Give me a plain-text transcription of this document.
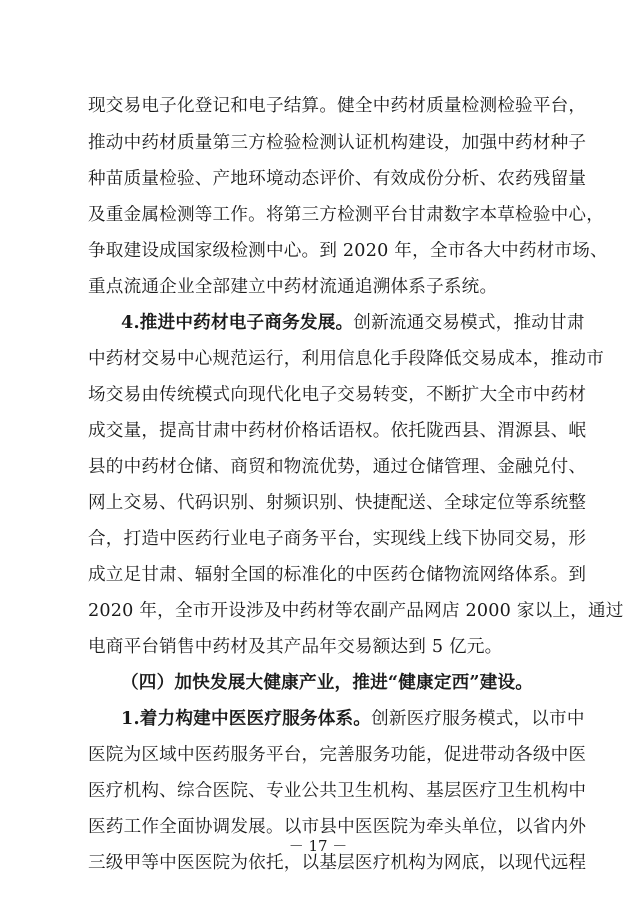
现交易电子化登记和电子结算。健全中药材质量检测检验平台，
推动中药材质量第三方检验检测认证机构建设，加强中药材种子
种苗质量检验、产地环境动态评价、有效成份分析、农药残留量
及重金属检测等工作。将第三方检测平台甘肃数字本草检验中心，
争取建设成国家级检测中心。到 2020 年，全市各大中药材市场、
重点流通企业全部建立中药材流通追溯体系子系统。
4.推进中药材电子商务发展。创新流通交易模式，推动甘肃
中药材交易中心规范运行，利用信息化手段降低交易成本，推动市
场交易由传统模式向现代化电子交易转变，不断扩大全市中药材
成交量，提高甘肃中药材价格话语权。依托陇西县、渭源县、岷
县的中药材仓储、商贸和物流优势，通过仓储管理、金融兑付、
网上交易、代码识别、射频识别、快捷配送、全球定位等系统整
合，打造中医药行业电子商务平台，实现线上线下协同交易，形
成立足甘肃、辐射全国的标准化的中医药仓储物流网络体系。到
2020 年，全市开设涉及中药材等农副产品网店 2000 家以上，通过
电商平台销售中药材及其产品年交易额达到 5 亿元。
（四）加快发展大健康产业，推进“健康定西”建设。
1.着力构建中医医疗服务体系。创新医疗服务模式，以市中
医院为区域中医药服务平台，完善服务功能，促进带动各级中医
医疗机构、综合医院、专业公共卫生机构、基层医疗卫生机构中
医药工作全面协调发展。以市县中医医院为牵头单位，以省内外
三级甲等中医医院为依托，以基层医疗机构为网底，以现代远程
－ 17 －
